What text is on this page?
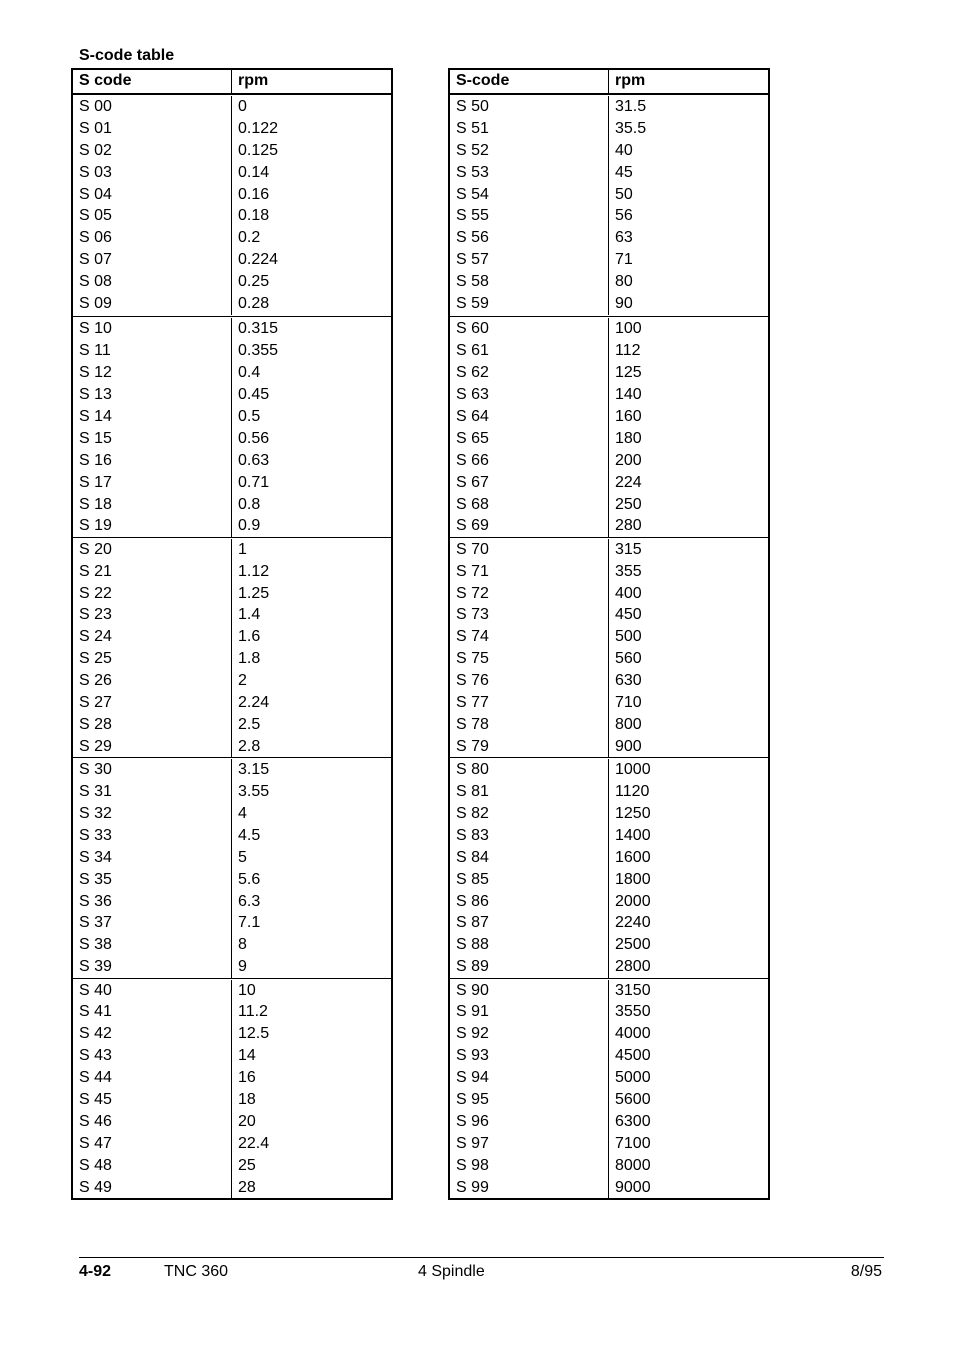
S-code table
S code	rpm
S 00	0
S 01	0.122
S 02	0.125
S 03	0.14
S 04	0.16
S 05	0.18
S 06	0.2
S 07	0.224
S 08	0.25
S 09	0.28
S 10	0.315
S 11	0.355
S 12	0.4
S 13	0.45
S 14	0.5
S 15	0.56
S 16	0.63
S 17	0.71
S 18	0.8
S 19	0.9
S 20	1
S 21	1.12
S 22	1.25
S 23	1.4
S 24	1.6
S 25	1.8
S 26	2
S 27	2.24
S 28	2.5
S 29	2.8
S 30	3.15
S 31	3.55
S 32	4
S 33	4.5
S 34	5
S 35	5.6
S 36	6.3
S 37	7.1
S 38	8
S 39	9
S 40	10
S 41	11.2
S 42	12.5
S 43	14
S 44	16
S 45	18
S 46	20
S 47	22.4
S 48	25
S 49	28
S-code	rpm
S 50	31.5
S 51	35.5
S 52	40
S 53	45
S 54	50
S 55	56
S 56	63
S 57	71
S 58	80
S 59	90
S 60	100
S 61	112
S 62	125
S 63	140
S 64	160
S 65	180
S 66	200
S 67	224
S 68	250
S 69	280
S 70	315
S 71	355
S 72	400
S 73	450
S 74	500
S 75	560
S 76	630
S 77	710
S 78	800
S 79	900
S 80	1000
S 81	1120
S 82	1250
S 83	1400
S 84	1600
S 85	1800
S 86	2000
S 87	2240
S 88	2500
S 89	2800
S 90	3150
S 91	3550
S 92	4000
S 93	4500
S 94	5000
S 95	5600
S 96	6300
S 97	7100
S 98	8000
S 99	9000
4-92	TNC 360	4 Spindle	8/95
